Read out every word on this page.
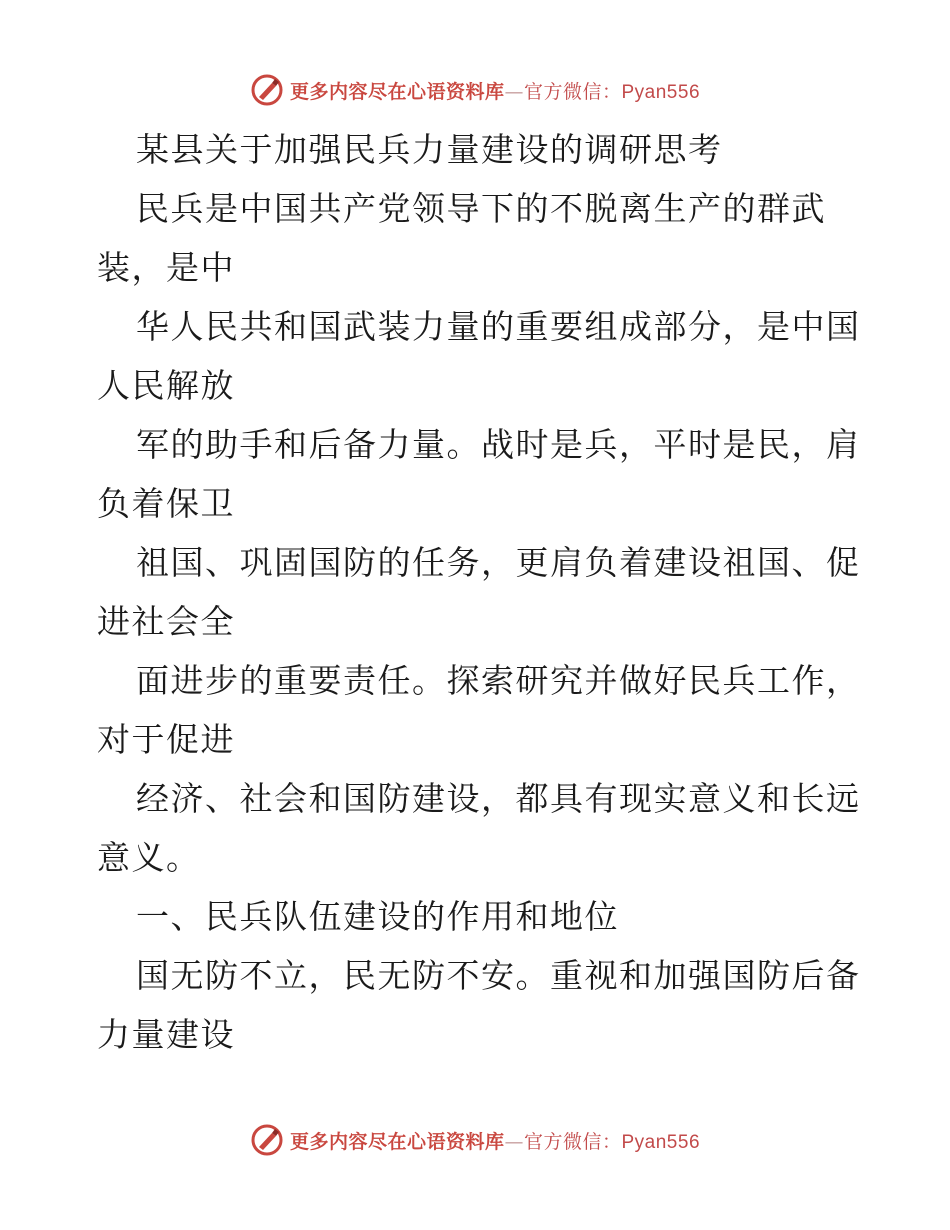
更多内容尽在心语资料库—官方微信：Pyan556
某县关于加强民兵力量建设的调研思考
民兵是中国共产党领导下的不脱离生产的群武
装，是中
华人民共和国武装力量的重要组成部分，是中国
人民解放
军的助手和后备力量。战时是兵，平时是民，肩
负着保卫
祖国、巩固国防的任务，更肩负着建设祖国、促
进社会全
面进步的重要责任。探索研究并做好民兵工作，
对于促进
经济、社会和国防建设，都具有现实意义和长远
意义。
一、民兵队伍建设的作用和地位
国无防不立，民无防不安。重视和加强国防后备
力量建设
更多内容尽在心语资料库—官方微信：Pyan556
